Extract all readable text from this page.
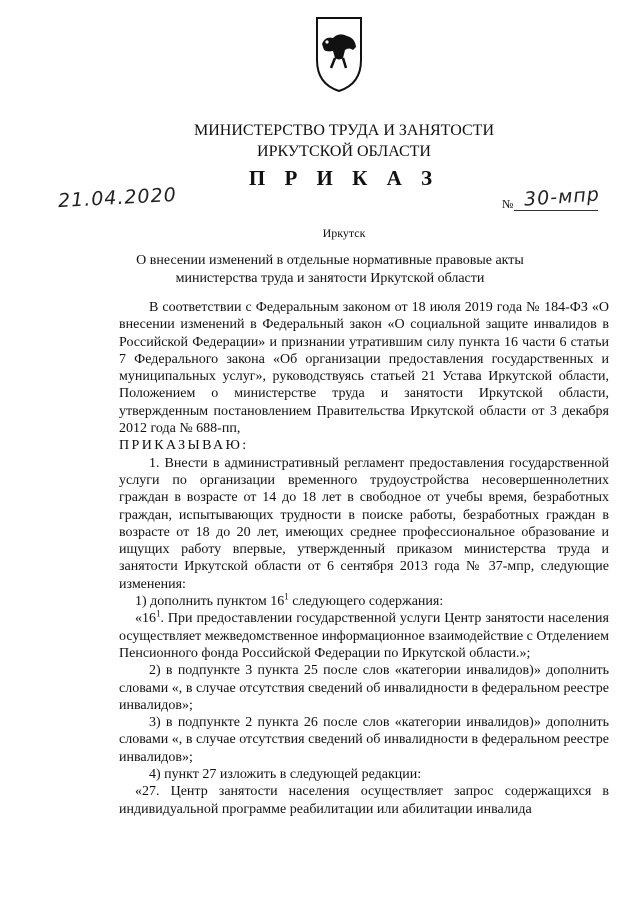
МИНИСТЕРСТВО ТРУДА И ЗАНЯТОСТИ
ИРКУТСКОЙ ОБЛАСТИ
П Р И К А З
21.04.2020	№ 30-мпр
Иркутск
О внесении изменений в отдельные нормативные правовые акты министерства труда и занятости Иркутской области

В соответствии с Федеральным законом от 18 июля 2019 года № 184-ФЗ «О внесении изменений в Федеральный закон «О социальной защите инвалидов в Российской Федерации» и признании утратившим силу пункта 16 части 6 статьи 7 Федерального закона «Об организации предоставления государственных и муниципальных услуг», руководствуясь статьей 21 Устава Иркутской области, Положением о министерстве труда и занятости Иркутской области, утвержденным постановлением Правительства Иркутской области от 3 декабря 2012 года № 688-пп,

ПРИКАЗЫВАЮ:

1. Внести в административный регламент предоставления государственной услуги по организации временного трудоустройства несовершеннолетних граждан в возрасте от 14 до 18 лет в свободное от учебы время, безработных граждан, испытывающих трудности в поиске работы, безработных граждан в возрасте от 18 до 20 лет, имеющих среднее профессиональное образование и ищущих работу впервые, утвержденный приказом министерства труда и занятости Иркутской области от 6 сентября 2013 года № 37-мпр, следующие изменения:

1) дополнить пунктом $16^1$ следующего содержания:

«$16^1$. При предоставлении государственной услуги Центр занятости населения осуществляет межведомственное информационное взаимодействие с Отделением Пенсионного фонда Российской Федерации по Иркутской области.»;

2) в подпункте 3 пункта 25 после слов «категории инвалидов)» дополнить словами «, в случае отсутствия сведений об инвалидности в федеральном реестре инвалидов»;

3) в подпункте 2 пункта 26 после слов «категории инвалидов)» дополнить словами «, в случае отсутствия сведений об инвалидности в федеральном реестре инвалидов»;

4) пункт 27 изложить в следующей редакции:

«27. Центр занятости населения осуществляет запрос содержащихся в индивидуальной программе реабилитации или абилитации инвалида
